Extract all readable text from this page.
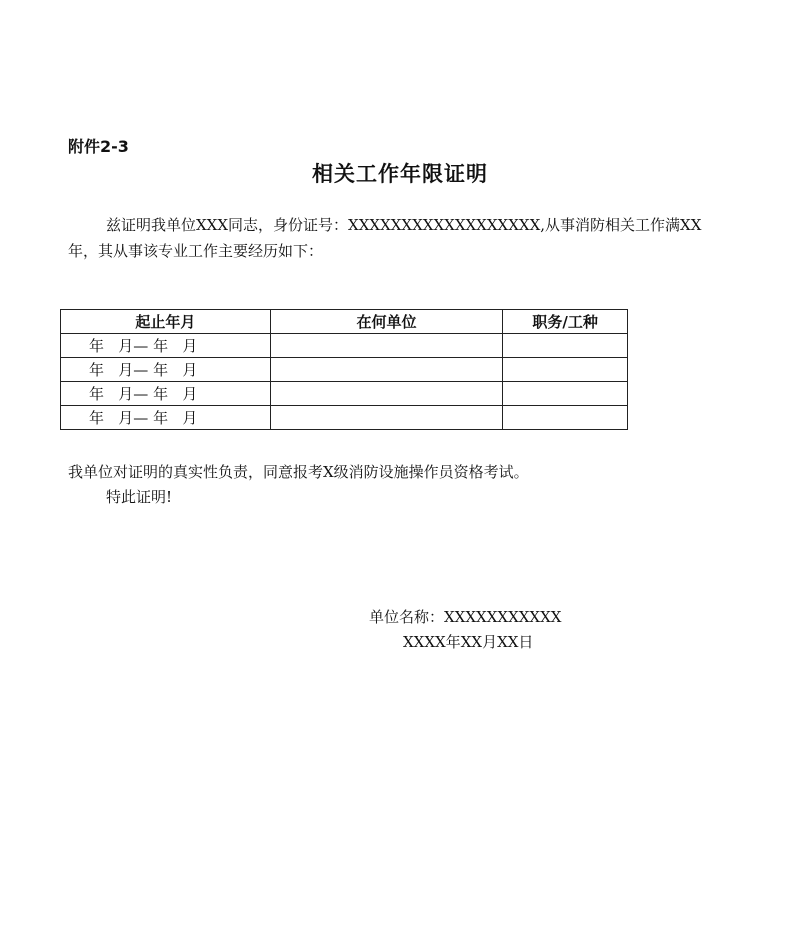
附件2-3
相关工作年限证明

兹证明我单位XXX同志，身份证号：XXXXXXXXXXXXXXXXXX,从事消防相关工作满XX年，其从事该专业工作主要经历如下：

起止年月	在何单位	职务/工种
年   月— 年   月		
年   月— 年   月		
年   月— 年   月		
年   月— 年   月		

我单位对证明的真实性负责，同意报考X级消防设施操作员资格考试。

特此证明!

单位名称：XXXXXXXXXXX

XXXX年XX月XX日
